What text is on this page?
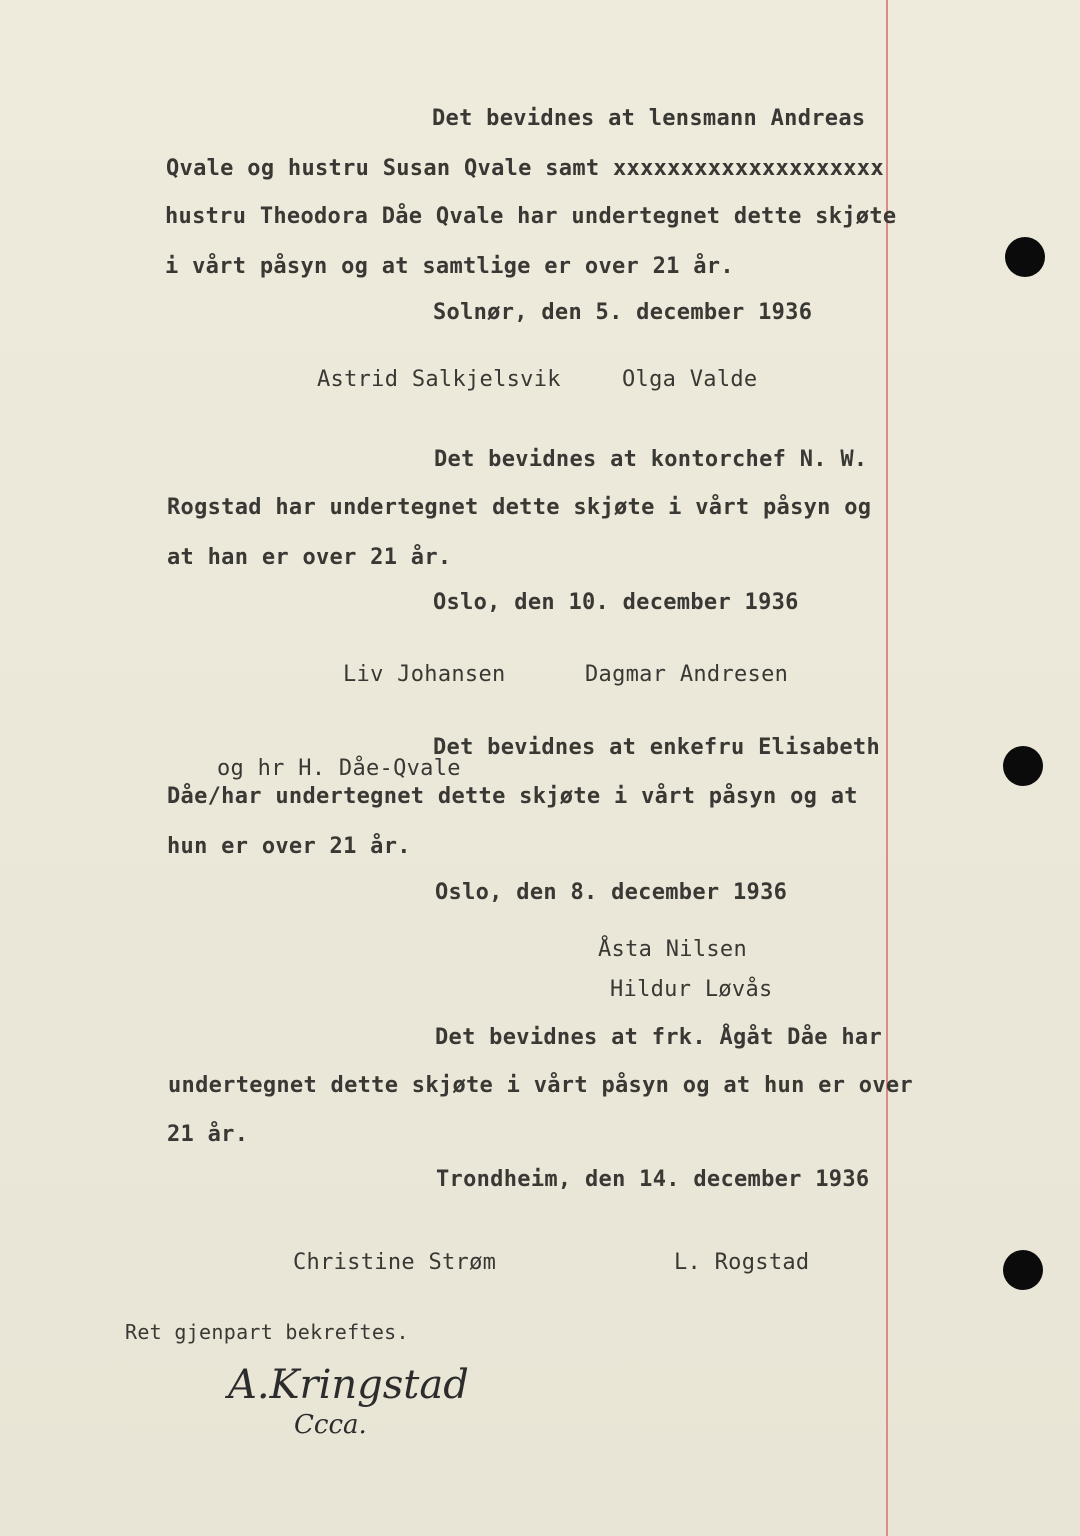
Det bevidnes at lensmann Andreas
Qvale og hustru Susan Qvale samt xxxxxxxxxxxxxxxxxxxx
hustru Theodora Dåe Qvale har undertegnet dette skjøte
i vårt påsyn og at samtlige er over 21 år.
Solnør, den 5. december 1936
Astrid Salkjelsvik	Olga Valde
Det bevidnes at kontorchef N. W.
Rogstad har undertegnet dette skjøte i vårt påsyn og
at han er over 21 år.
Oslo, den 10. december 1936
Liv Johansen	Dagmar Andresen
og hr H. Dåe-Qvale
Det bevidnes at enkefru Elisabeth
Dåe/har undertegnet dette skjøte i vårt påsyn og at
hun er over 21 år.
Oslo, den 8. december 1936
Åsta Nilsen
Hildur Løvås
Det bevidnes at frk. Ågåt Dåe har
undertegnet dette skjøte i vårt påsyn og at hun er over
21 år.
Trondheim, den 14. december 1936
Christine Strøm	L. Rogstad
Ret gjenpart bekreftes.
A.Kringstad
Ccca.
